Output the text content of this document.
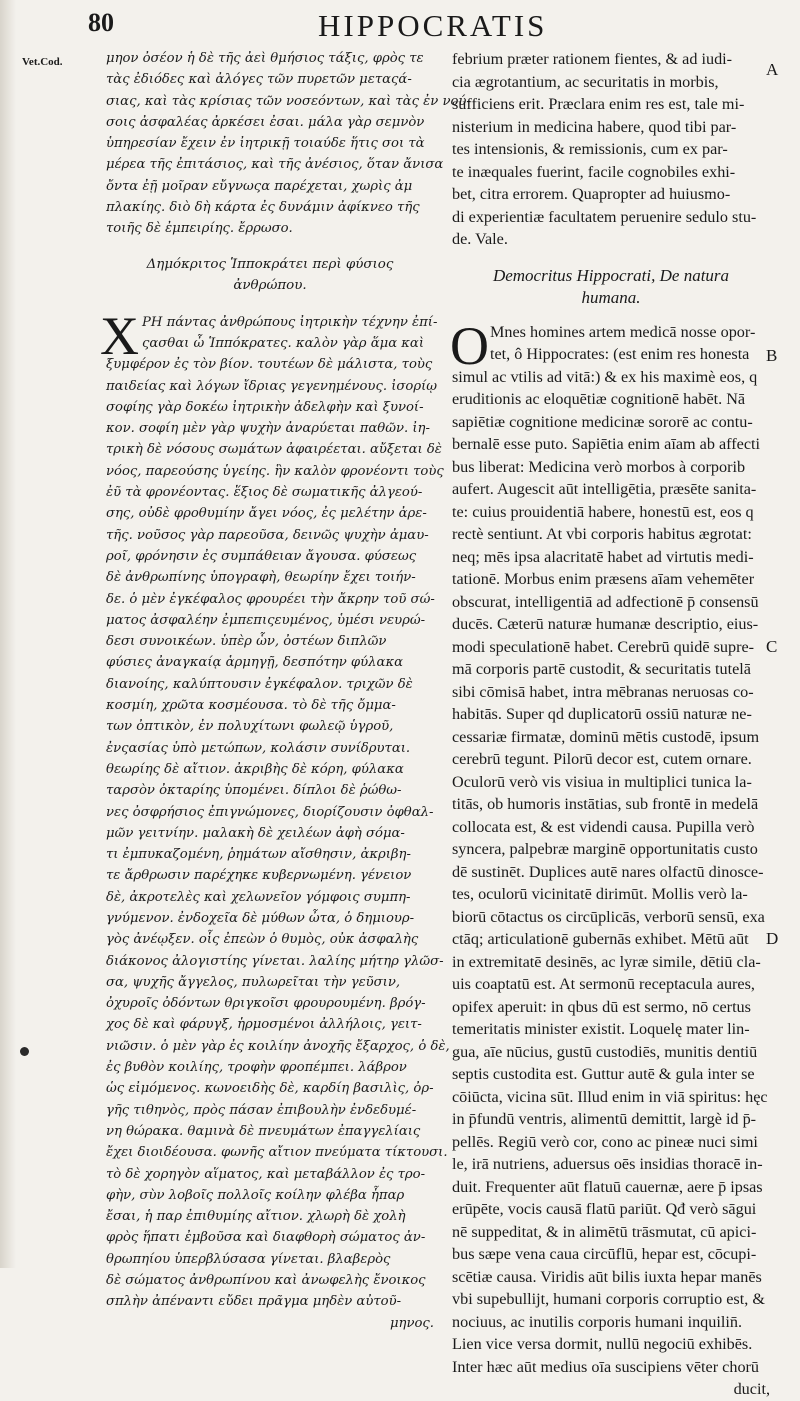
80	HIPPOCRATIS
Vet.Cod.	A
B
C
D
μηον ὀσέον ἡ δὲ τῆς ἀεὶ θμήσιος τάξις, φρὸς τε
τὰς ἐδιόδες καὶ ἀλόγες τῶν πυρετῶν μεταςά-
σιας, καὶ τὰς κρίσιας τῶν νοσεόντων, καὶ τὰς ἐν νού-
σοις ἀσφαλέας ἀρκέσει ἐσαι. μάλα γὰρ σεμνὸν
ὑπηρεσίαν ἔχειν ἐν ἰητρικῇ τοιαύδε ἥτις σοι τὰ
μέρεα τῆς ἐπιτάσιος, καὶ τῆς ἀνέσιος, ὅταν ἄνισα
ὄντα ἐῇ μοῖραν εὔγνωςα παρέχεται, χωρὶς ἀμ
πλακίης. διὸ δὴ κάρτα ἐς δυνάμιν ἀφίκνεο τῆς
τοιῆς δὲ ἐμπειρίης. ἔρρωσο.
Δημόκριτος Ἱπποκράτει περὶ φύσιος
ἀνθρώπου.
Χ ΡΗ πάντας ἀνθρώπους ἰητρικὴν τέχνην ἐπί-
ςασθαι ὦ Ἱππόκρατες. καλὸν γὰρ ἅμα καὶ
ξυμφέρον ἐς τὸν βίον. τουτέων δὲ μάλιστα, τοὺς
παιδείας καὶ λόγων ἴδριας γεγενημένους. ἰσορίῳ
σοφίης γὰρ δοκέω ἰητρικὴν ἀδελφὴν καὶ ξυνοί-
κον. σοφίη μὲν γὰρ ψυχὴν ἀναρύεται παθῶν. ἰη-
τρικὴ δὲ νόσους σωμάτων ἀφαιρέεται. αὔξεται δὲ
νόος, παρεούσης ὑγείης. ἣν καλὸν φρονέοντι τοὺς
ἐῦ τὰ φρονέοντας. ἕξιος δὲ σωματικῆς ἀλγεού-
σης, οὐδὲ φροθυμίην ἄγει νόος, ἐς μελέτην ἀρε-
τῆς. νοῦσος γὰρ παρεοῦσα, δεινῶς ψυχὴν ἀμαυ-
ροῖ, φρόνησιν ἐς συμπάθειαν ἄγουσα. φύσεως
δὲ ἀνθρωπίνης ὑπογραφὴ, θεωρίην ἔχει τοιήν-
δε. ὁ μὲν ἐγκέφαλος φρουρέει τὴν ἄκρην τοῦ σώ-
ματος ἀσφαλέην ἐμπεπιςευμένος, ὑμέσι νευρώ-
δεσι συνοικέων. ὑπὲρ ὧν, ὀστέων διπλῶν
φύσιες ἀναγκαίᾳ ἁρμηγῇ, δεσπότην φύλακα
διανοίης, καλύπτουσιν ἐγκέφαλον. τριχῶν δὲ
κοσμίη, χρῶτα κοσμέουσα. τὸ δὲ τῆς ὄμμα-
των ὀπτικὸν, ἐν πολυχίτωνι φωλεῷ ὑγροῦ,
ἐνςασίας ὑπὸ μετώπων, κολάσιν συνίδρυται.
θεωρίης δὲ αἴτιον. ἀκριβὴς δὲ κόρη, φύλακα
ταρσὸν ὀκταρίης ὑπομένει. δίπλοι δὲ ῥώθω-
νες ὀσφρήσιος ἐπιγνώμονες, διορίζουσιν ὀφθαλ-
μῶν γειτνίην. μαλακὴ δὲ χειλέων ἀφὴ σόμα-
τι ἐμπυκαζομένη, ῥημάτων αἴσθησιν, ἀκριβη-
τε ἄρθρωσιν παρέχηκε κυβερνωμένη. γένειον
δὲ, ἀκροτελὲς καὶ χελωνεῖον γόμφοις συμπη-
γνύμενον. ἐνδοχεῖα δὲ μύθων ὦτα, ὁ δημιουρ-
γὸς ἀνέῳξεν. οἷς ἐπεὼν ὁ θυμὸς, οὐκ ἀσφαλὴς
διάκονος ἀλογιστίης γίνεται. λαλίης μήτηρ γλῶσ-
σα, ψυχῆς ἄγγελος, πυλωρεῖται τὴν γεῦσιν,
ὀχυροῖς ὀδόντων θριγκοῖσι φρουρουμένη. βρόγ-
χος δὲ καὶ φάρυγξ, ἡρμοσμένοι ἀλλήλοις, γειτ-
νιῶσιν. ὁ μὲν γὰρ ἐς κοιλίην ἀνοχῆς ἔξαρχος, ὁ δὲ,
ἐς βυθὸν κοιλίης, τροφὴν φροπέμπει. λάβρον
ὡς εἰμόμενος. κωνοειδὴς δὲ, καρδίη βασιλὶς, ὀρ-
γῆς τιθηνὸς, πρὸς πάσαν ἐπιβουλὴν ἐνδεδυμέ-
νη θώρακα. θαμινὰ δὲ πνευμάτων ἐπαγγελίαις
ἔχει διοιδέουσα. φωνῆς αἴτιον πνεύματα τίκτουσι.
τὸ δὲ χορηγὸν αἵματος, καὶ μεταβάλλον ἐς τρο-
φὴν, σὺν λοβοῖς πολλοῖς κοίλην φλέβα ἧπαρ
ἔσαι, ἡ παρ ἐπιθυμίης αἴτιον. χλωρὴ δὲ χολὴ
φρὸς ἥπατι ἐμβοῦσα καὶ διαφθορὴ σώματος ἀν-
θρωπηίου ὑπερβλύσασα γίνεται. βλαβερὸς
δὲ σώματος ἀνθρωπίνου καὶ ἀνωφελὴς ἔνοικος
σπλὴν ἀπέναντι εὔδει πρᾶγμα μηδὲν αὐτοῦ-
μηνος.
febrium præter rationem fientes, & ad iudi-
cia ægrotantium, ac securitatis in morbis,
sufficiens erit. Præclara enim res est, tale mi-
nisterium in medicina habere, quod tibi par-
tes intensionis, & remissionis, cum ex par-
te inæquales fuerint, facile cognobiles exhi-
bet, citra errorem. Quapropter ad huiusmo-
di experientiæ facultatem peruenire sedulo stu-
de. Vale.
Democritus Hippocrati, De natura
humana.
O Mnes homines artem medicā nosse opor-
tet, ô Hippocrates: (est enim res honesta
simul ac vtilis ad vitā:) & ex his maximè eos, q
eruditionis ac eloquētiæ cognitionē habēt. Nā
sapiētiæ cognitione medicinæ sororē ac contu-
bernalē esse puto. Sapiētia enim aīam ab affecti
bus liberat: Medicina verò morbos à corporib
aufert. Augescit aūt intelligētia, præsēte sanita-
te: cuius prouidentiā habere, honestū est, eos q
rectè sentiunt. At vbi corporis habitus ægrotat:
neq; mēs ipsa alacritatē habet ad virtutis medi-
tationē. Morbus enim præsens aīam vehemēter
obscurat, intelligentiā ad adfectionē p̄ consensū
ducēs. Cæterū naturæ humanæ descriptio, eius-
modi speculationē habet. Cerebrū quidē supre-
mā corporis partē custodit, & securitatis tutelā
sibi cōmisā habet, intra mēbranas neruosas co-
habitās. Super qd duplicatorū ossiū naturæ ne-
cessariæ firmatæ, dominū mētis custodē, ipsum
cerebrū tegunt. Pilorū decor est, cutem ornare.
Oculorū verò vis visiua in multiplici tunica la-
titās, ob humoris instātias, sub frontē in medelā
collocata est, & est videndi causa. Pupilla verò
syncera, palpebræ marginē opportunitatis custo
dē sustinēt. Duplices autē nares olfactū dinosce-
tes, oculorū vicinitatē dirimūt. Mollis verò la-
biorū cōtactus os circūplicās, verborū sensū, exa
ctāq; articulationē gubernās exhibet. Mētū aūt
in extremitatē desinēs, ac lyræ simile, dētiū cla-
uis coaptatū est. At sermonū receptacula aures,
opifex aperuit: in qbus dū est sermo, nō certus
temeritatis minister existit. Loquelę mater lin-
gua, aīe nūcius, gustū custodiēs, munitis dentiū
septis custodita est. Guttur autē & gula inter se
cōiūcta, vicina sūt. Illud enim in viā spiritus: hęc
in p̄fundū ventris, alimentū demittit, largè id p̄-
pellēs. Regiū verò cor, cono ac pineæ nuci simi
le, irā nutriens, aduersus oēs insidias thoracē in-
duit. Frequenter aūt flatuū cauernæ, aere p̄ ipsas
erūpēte, vocis causā flatū pariūt. Qđ verò sāgui
nē suppeditat, & in alimētū trāsmutat, cū apici-
bus sæpe vena caua circūflū, hepar est, cōcupi-
scētiæ causa. Viridis aūt bilis iuxta hepar manēs
vbi supebullijt, humani corporis corruptio est, &
nociuus, ac inutilis corporis humani inquilin̄.
Lien vice versa dormit, nullū negociū exhibēs.
Inter hæc aūt medius oīa suscipiens vēter chorū
ducit,
